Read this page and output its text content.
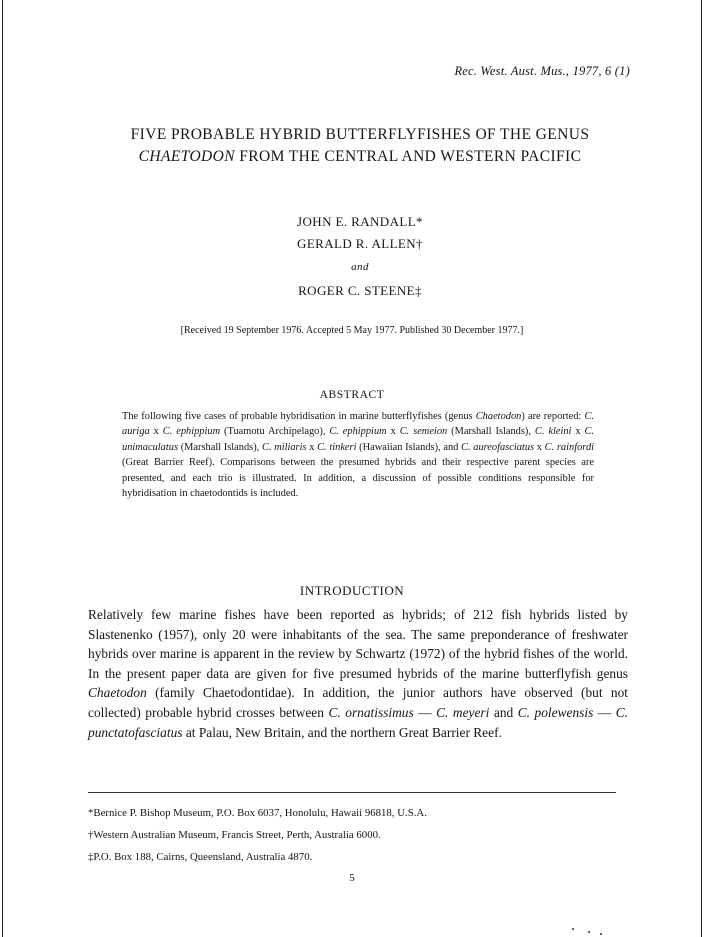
Rec. West. Aust. Mus., 1977, 6 (1)
FIVE PROBABLE HYBRID BUTTERFLYFISHES OF THE GENUS
CHAETODON FROM THE CENTRAL AND WESTERN PACIFIC
JOHN E. RANDALL*
GERALD R. ALLEN†
and
ROGER C. STEENE‡
[Received 19 September 1976. Accepted 5 May 1977. Published 30 December 1977.]
ABSTRACT
The following five cases of probable hybridisation in marine butterflyfishes (genus Chaetodon) are reported: C. auriga x C. ephippium (Tuamotu Archipelago), C. ephippium x C. semeion (Marshall Islands), C. kleini x C. unimaculatus (Marshall Islands), C. miliaris x C. tinkeri (Hawaiian Islands), and C. aureofasciatus x C. rainfordi (Great Barrier Reef). Comparisons between the presumed hybrids and their respective parent species are presented, and each trio is illustrated. In addition, a discussion of possible conditions responsible for hybridisation in chaetodontids is included.
INTRODUCTION
Relatively few marine fishes have been reported as hybrids; of 212 fish hybrids listed by Slastenenko (1957), only 20 were inhabitants of the sea. The same preponderance of freshwater hybrids over marine is apparent in the review by Schwartz (1972) of the hybrid fishes of the world. In the present paper data are given for five presumed hybrids of the marine butterflyfish genus Chaetodon (family Chaetodontidae). In addition, the junior authors have observed (but not collected) probable hybrid crosses between C. ornatissimus — C. meyeri and C. polewensis — C. punctatofasciatus at Palau, New Britain, and the northern Great Barrier Reef.
*Bernice P. Bishop Museum, P.O. Box 6037, Honolulu, Hawaii 96818, U.S.A.
†Western Australian Museum, Francis Street, Perth, Australia 6000.
‡P.O. Box 188, Cairns, Queensland, Australia 4870.
5
